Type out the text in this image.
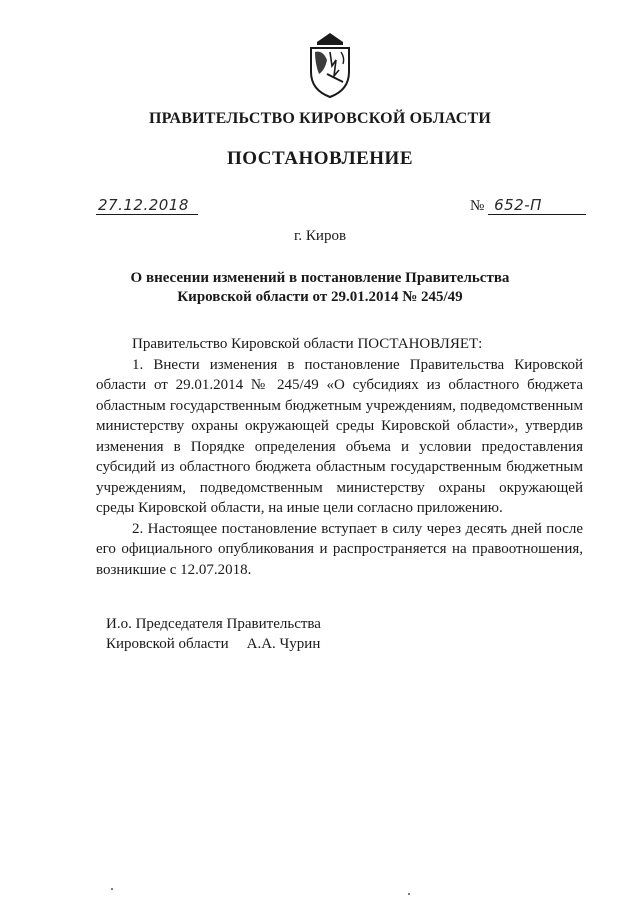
ПРАВИТЕЛЬСТВО КИРОВСКОЙ ОБЛАСТИ
ПОСТАНОВЛЕНИЕ
27.12.2018	№ 652-П
г. Киров
О внесении изменений в постановление Правительства
Кировской области от 29.01.2014 № 245/49

Правительство Кировской области ПОСТАНОВЛЯЕТ:

1. Внести изменения в постановление Правительства Кировской области от 29.01.2014 № 245/49 «О субсидиях из областного бюджета областным государственным бюджетным учреждениям, подведомственным министерству охраны окружающей среды Кировской области», утвердив изменения в Порядке определения объема и условии предоставления субсидий из областного бюджета областным государственным бюджетным учреждениям, подведомственным министерству охраны окружающей среды Кировской области, на иные цели согласно приложению.

2. Настоящее постановление вступает в силу через десять дней после его официального опубликования и распространяется на правоотношения, возникшие с 12.07.2018.

И.о. Председателя Правительства
Кировской области А.А. Чурин
